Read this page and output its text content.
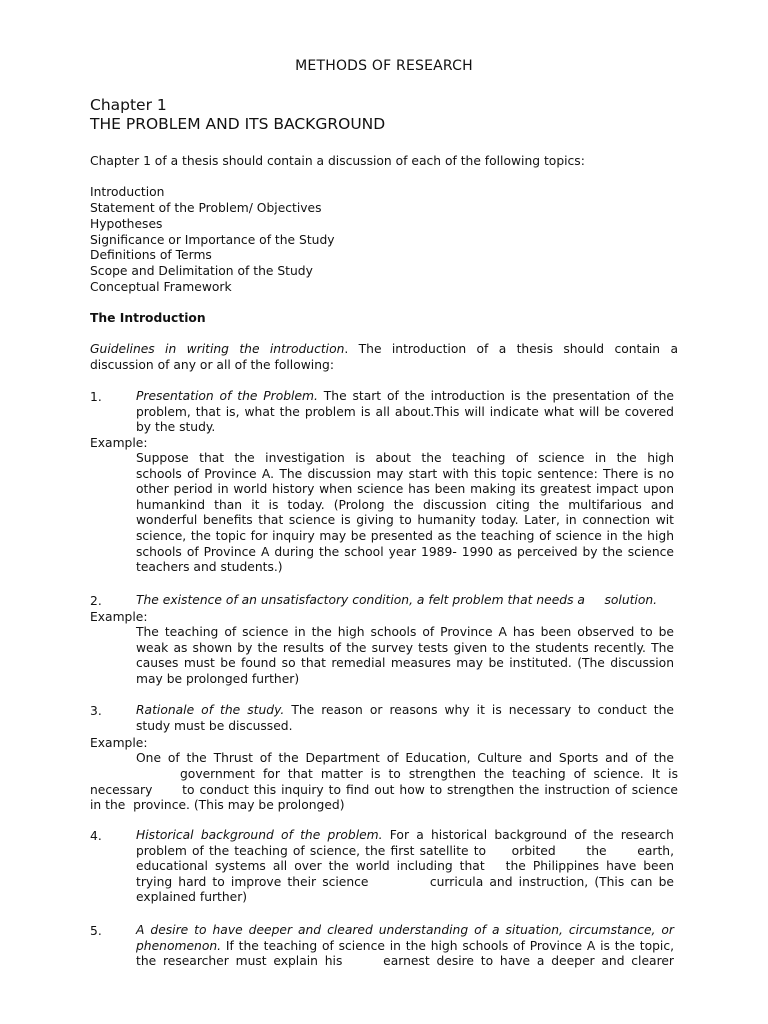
METHODS OF RESEARCH
Chapter 1
THE PROBLEM AND ITS BACKGROUND
Chapter 1 of a thesis should contain a discussion of each of the following topics:
Introduction
Statement of the Problem/ Objectives
Hypotheses
Significance or Importance of the Study
Definitions of Terms
Scope and Delimitation of the Study
Conceptual Framework
The Introduction
Guidelines in writing the introduction. The introduction of a thesis should contain a
discussion of any or all of the following:
1.	Presentation of the Problem. The start of the introduction is the presentation of the
problem, that is, what the problem is all about.This will indicate what will be covered
by the study.
Example:
Suppose that the investigation is about the teaching of science in the high
schools of Province A. The discussion may start with this topic sentence: There is no
other period in world history when science has been making its greatest impact upon
humankind than it is today. (Prolong the discussion citing the multifarious and
wonderful benefits that science is giving to humanity today. Later, in connection wit
science, the topic for inquiry may be presented as the teaching of science in the high
schools of Province A during the school year 1989- 1990 as perceived by the science
teachers and students.)
2.	The existence of an unsatisfactory condition, a felt problem that needs a     solution.
Example:
The teaching of science in the high schools of Province A has been observed to be
weak as shown by the results of the survey tests given to the students recently. The
causes must be found so that remedial measures may be instituted. (The discussion
may be prolonged further)
3.	Rationale of the study. The reason or reasons why it is necessary to conduct the
study must be discussed.
Example:
One of the Thrust of the Department of Education, Culture and Sports and of the
government for that matter is to strengthen the teaching of science. It is
necessary      to conduct this inquiry to find out how to strengthen the instruction of science
in the  province. (This may be prolonged)
4.	Historical background of the problem. For a historical background of the research
problem of the teaching of science, the first satellite to     orbited      the      earth,
educational systems all over the world including that   the Philippines have been
trying hard to improve their science          curricula and instruction, (This can be
explained further)
5.	A desire to have deeper and cleared understanding of a situation, circumstance, or
phenomenon. If the teaching of science in the high schools of Province A is the topic,
the researcher must explain his      earnest desire to have a deeper and clearer
